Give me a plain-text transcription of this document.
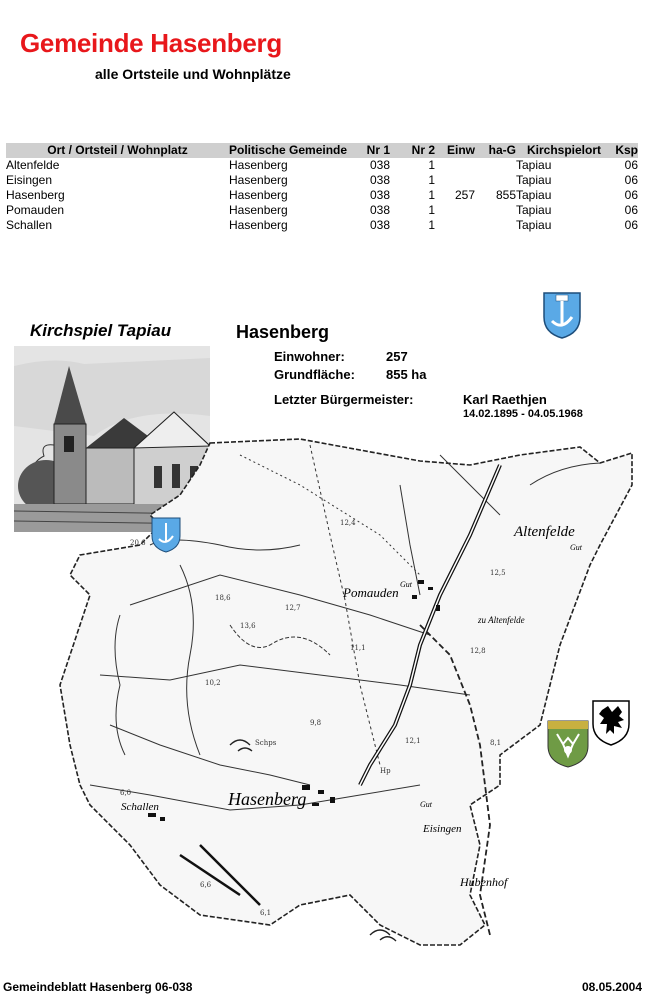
Gemeinde Hasenberg
alle Ortsteile und Wohnplätze
Ort / Ortsteil / Wohnplatz	Politische Gemeinde	Nr 1	Nr 2	Einw	ha-G	Kirchspielort	Ksp
Altenfelde	Hasenberg	038	1			Tapiau	06
Eisingen	Hasenberg	038	1			Tapiau	06
Hasenberg	Hasenberg	038	1	257	855	Tapiau	06
Pomauden	Hasenberg	038	1			Tapiau	06
Schallen	Hasenberg	038	1			Tapiau	06
Kirchspiel Tapiau	Hasenberg
Einwohner:	257
Grundfläche: 855 ha
Letzter Bürgermeister:	Karl Raethjen
14.02.1895 - 04.05.1968
20,6
18,6
12,7
13,6
11,1
10,2
9,8
12,1	8,1
6,0
6,6
6,1
Schps
Hp
12,4
12,5
12,8
Altenfelde
Pomauden
Hasenberg
Schallen
Eisingen
Hubenhof
zu Altenfelde
Gut
Gut
Gut
Gemeindeblatt Hasenberg 06-038	08.05.2004
